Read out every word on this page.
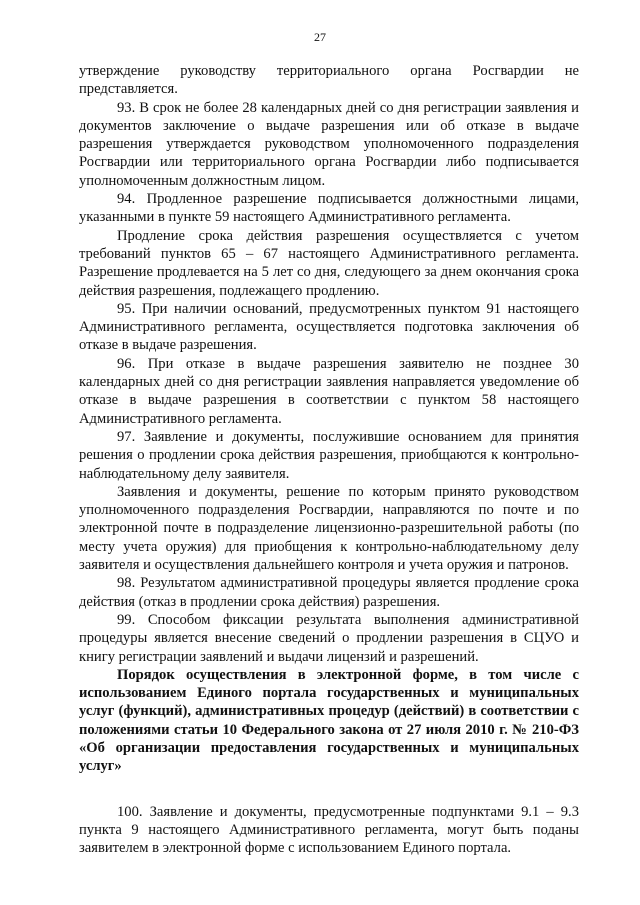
27

утверждение руководству территориального органа Росгвардии не представляется.

93. В срок не более 28 календарных дней со дня регистрации заявления и документов заключение о выдаче разрешения или об отказе в выдаче разрешения утверждается руководством уполномоченного подразделения Росгвардии или территориального органа Росгвардии либо подписывается уполномоченным должностным лицом.

94. Продленное разрешение подписывается должностными лицами, указанными в пункте 59 настоящего Административного регламента.

Продление срока действия разрешения осуществляется с учетом требований пунктов 65 – 67 настоящего Административного регламента. Разрешение продлевается на 5 лет со дня, следующего за днем окончания срока действия разрешения, подлежащего продлению.

95. При наличии оснований, предусмотренных пунктом 91 настоящего Административного регламента, осуществляется подготовка заключения об отказе в выдаче разрешения.

96. При отказе в выдаче разрешения заявителю не позднее 30 календарных дней со дня регистрации заявления направляется уведомление об отказе в выдаче разрешения в соответствии с пунктом 58 настоящего Административного регламента.

97. Заявление и документы, послужившие основанием для принятия решения о продлении срока действия разрешения, приобщаются к контрольно-наблюдательному делу заявителя.

Заявления и документы, решение по которым принято руководством уполномоченного подразделения Росгвардии, направляются по почте и по электронной почте в подразделение лицензионно-разрешительной работы (по месту учета оружия) для приобщения к контрольно-наблюдательному делу заявителя и осуществления дальнейшего контроля и учета оружия и патронов.

98. Результатом административной процедуры является продление срока действия (отказ в продлении срока действия) разрешения.

99. Способом фиксации результата выполнения административной процедуры является внесение сведений о продлении разрешения в СЦУО и книгу регистрации заявлений и выдачи лицензий и разрешений.

Порядок осуществления в электронной форме, в том числе с использованием Единого портала государственных и муниципальных услуг (функций), административных процедур (действий) в соответствии с положениями статьи 10 Федерального закона от 27 июля 2010 г. № 210-ФЗ «Об организации предоставления государственных и муниципальных услуг»

100. Заявление и документы, предусмотренные подпунктами 9.1 – 9.3 пункта 9 настоящего Административного регламента, могут быть поданы заявителем в электронной форме с использованием Единого портала.
